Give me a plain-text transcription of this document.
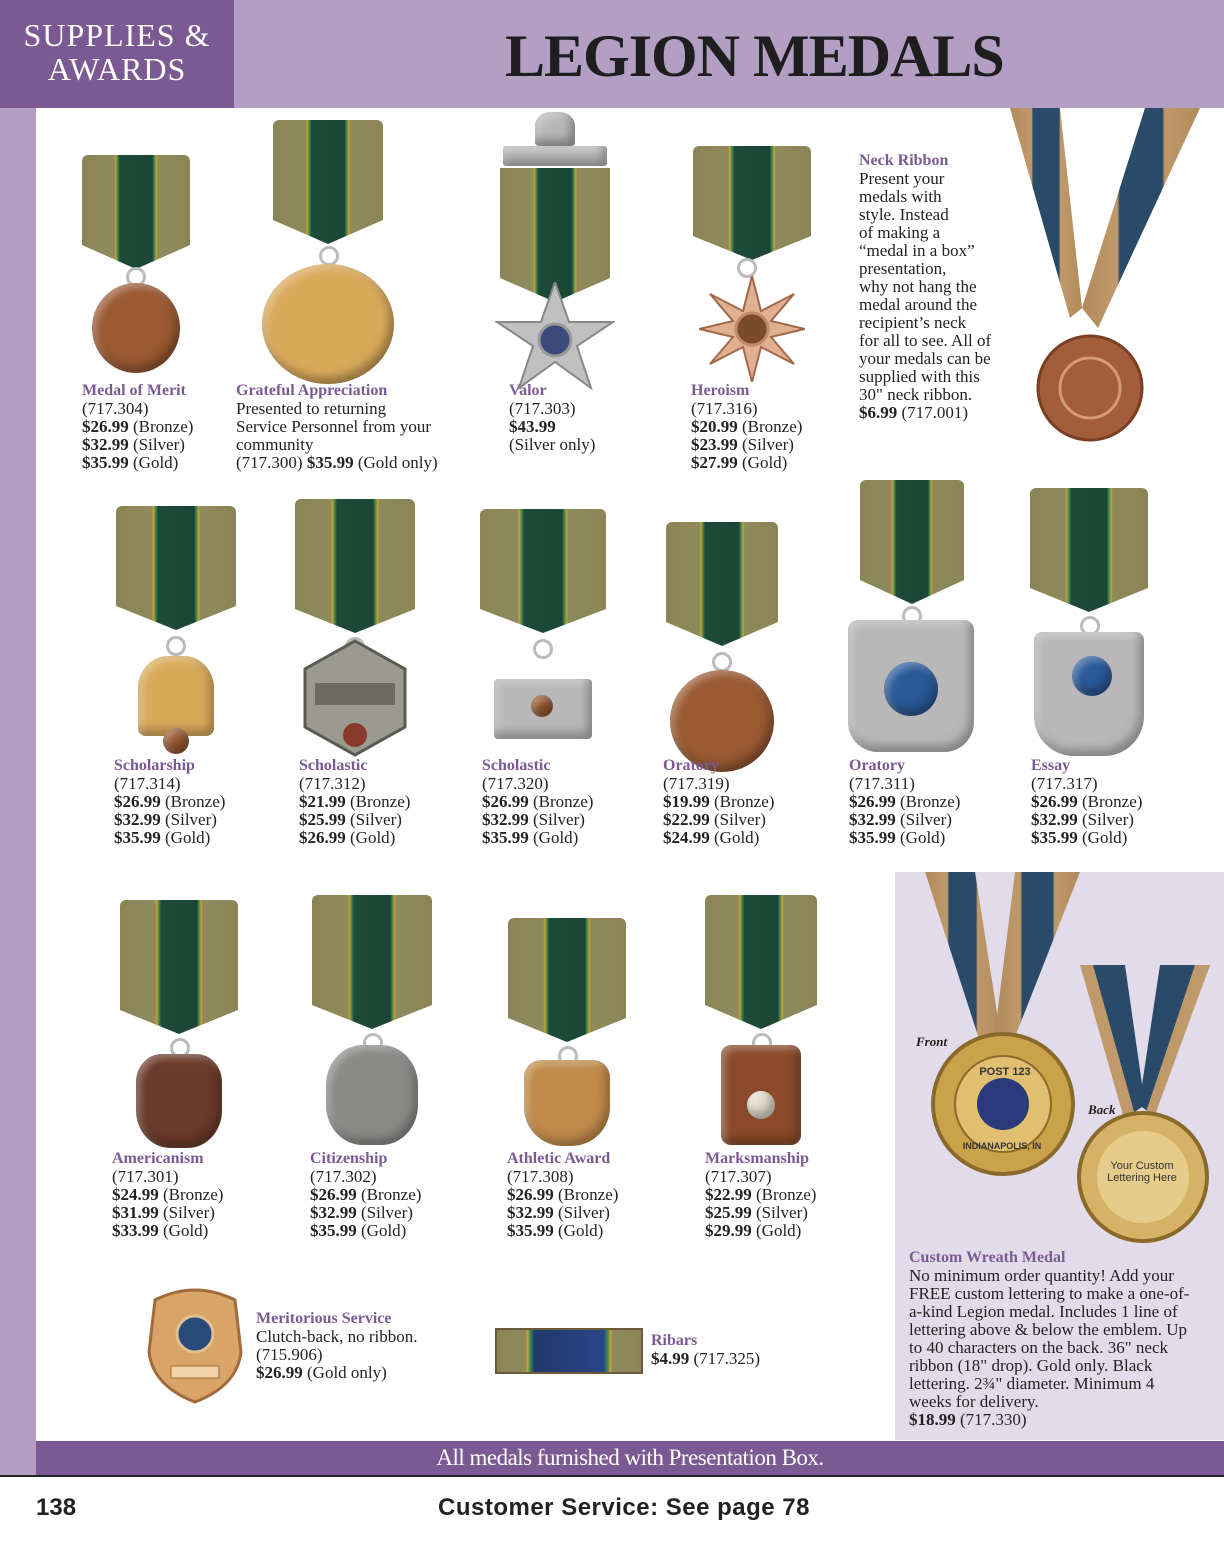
SUPPLIES &
AWARDS	LEGION MEDALS
Medal of Merit
(717.304)
$26.99 (Bronze)
$32.99 (Silver)
$35.99 (Gold)
Grateful Appreciation
Presented to returning
Service Personnel from your
community
(717.300) $35.99 (Gold only)
Valor
(717.303)
$43.99
(Silver only)
Heroism
(717.316)
$20.99 (Bronze)
$23.99 (Silver)
$27.99 (Gold)
Neck Ribbon
Present your
medals with
style. Instead
of making a
“medal in a box”
presentation,
why not hang the
medal around the
recipient’s neck
for all to see. All of
your medals can be
supplied with this
30" neck ribbon.
$6.99 (717.001)
Scholarship
(717.314)
$26.99 (Bronze)
$32.99 (Silver)
$35.99 (Gold)
Scholastic
(717.312)
$21.99 (Bronze)
$25.99 (Silver)
$26.99 (Gold)
Scholastic
(717.320)
$26.99 (Bronze)
$32.99 (Silver)
$35.99 (Gold)
Oratory
(717.319)
$19.99 (Bronze)
$22.99 (Silver)
$24.99 (Gold)
Oratory
(717.311)
$26.99 (Bronze)
$32.99 (Silver)
$35.99 (Gold)
Essay
(717.317)
$26.99 (Bronze)
$32.99 (Silver)
$35.99 (Gold)
Americanism
(717.301)
$24.99 (Bronze)
$31.99 (Silver)
$33.99 (Gold)
Citizenship
(717.302)
$26.99 (Bronze)
$32.99 (Silver)
$35.99 (Gold)
Athletic Award
(717.308)
$26.99 (Bronze)
$32.99 (Silver)
$35.99 (Gold)
Marksmanship
(717.307)
$22.99 (Bronze)
$25.99 (Silver)
$29.99 (Gold)
POST 123
INDIANAPOLIS, IN
Your Custom Lettering Here
Front
Back
Custom Wreath Medal
No minimum order quantity! Add your
FREE custom lettering to make a one-of-
a-kind Legion medal. Includes 1 line of
lettering above & below the emblem. Up
to 40 characters on the back. 36" neck
ribbon (18" drop). Gold only. Black
lettering. 2¾" diameter. Minimum 4
weeks for delivery.
$18.99 (717.330)
Meritorious Service
Clutch-back, no ribbon.
(715.906)
$26.99 (Gold only)
Ribars
$4.99 (717.325)
All medals furnished with Presentation Box.
138	Customer Service: See page 78
